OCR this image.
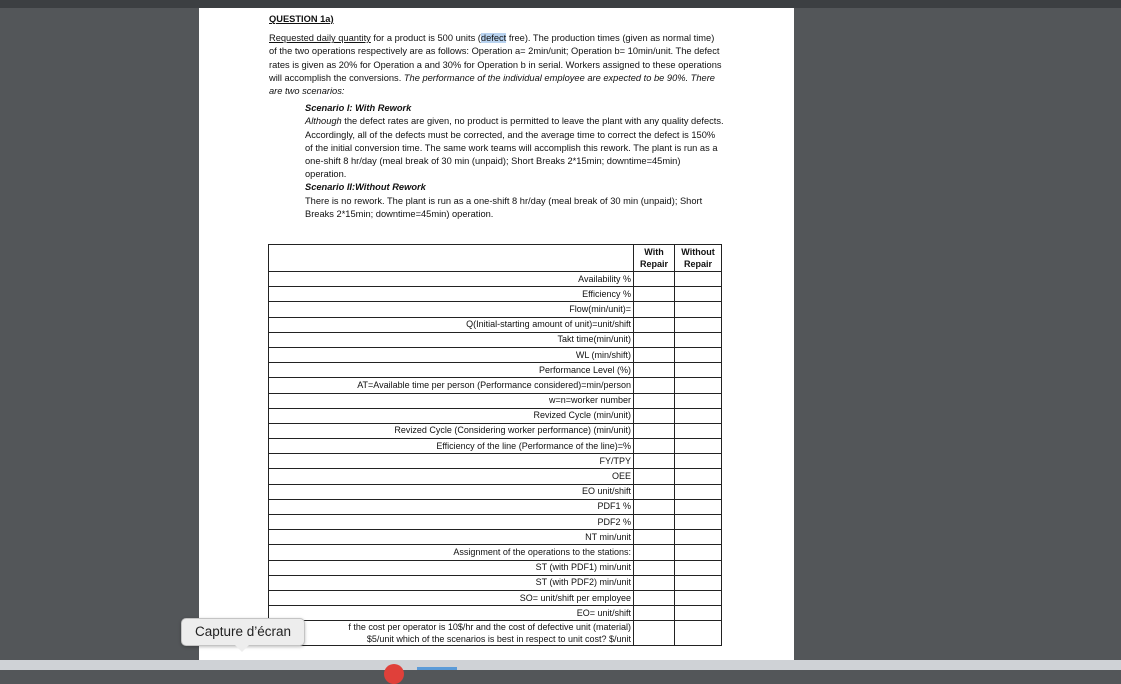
QUESTION 1a)

Requested daily quantity for a product is 500 units (defect free). The production times (given as normal time) of the two operations respectively are as follows: Operation a= 2min/unit; Operation b= 10min/unit. The defect rates is given as 20% for Operation a and 30% for Operation b in serial. Workers assigned to these operations will accomplish the conversions. The performance of the individual employee are expected to be 90%. There are two scenarios:

Scenario I: With Rework

Although the defect rates are given, no product is permitted to leave the plant with any quality defects. Accordingly, all of the defects must be corrected, and the average time to correct the defect is 150% of the initial conversion time. The same work teams will accomplish this rework. The plant is run as a one-shift 8 hr/day (meal break of 30 min (unpaid); Short Breaks 2*15min; downtime=45min) operation.

Scenario II:Without Rework

There is no rework. The plant is run as a one-shift 8 hr/day (meal break of 30 min (unpaid); Short Breaks 2*15min; downtime=45min) operation.

	With Repair	Without Repair
Availability %		
Efficiency %		
Flow(min/unit)=		
Q(Initial-starting amount of unit)=unit/shift		
Takt time(min/unit)		
WL (min/shift)		
Performance Level (%)		
AT=Available time per person (Performance considered)=min/person		
w=n=worker number		
Revized Cycle (min/unit)		
Revized Cycle (Considering worker performance) (min/unit)		
Efficiency of the line (Performance of the line)=%		
FY/TPY		
OEE		
EO unit/shift		
PDF1 %		
PDF2 %		
NT min/unit		
Assignment of the operations to the stations:		
ST (with PDF1) min/unit		
ST (with PDF2) min/unit		
SO= unit/shift per employee		
EO= unit/shift		

f the cost per operator is 10$/hr and the cost of defective unit (material)
$5/unit which of the scenarios is best in respect to unit cost? $/unit		

Capture d’écran
